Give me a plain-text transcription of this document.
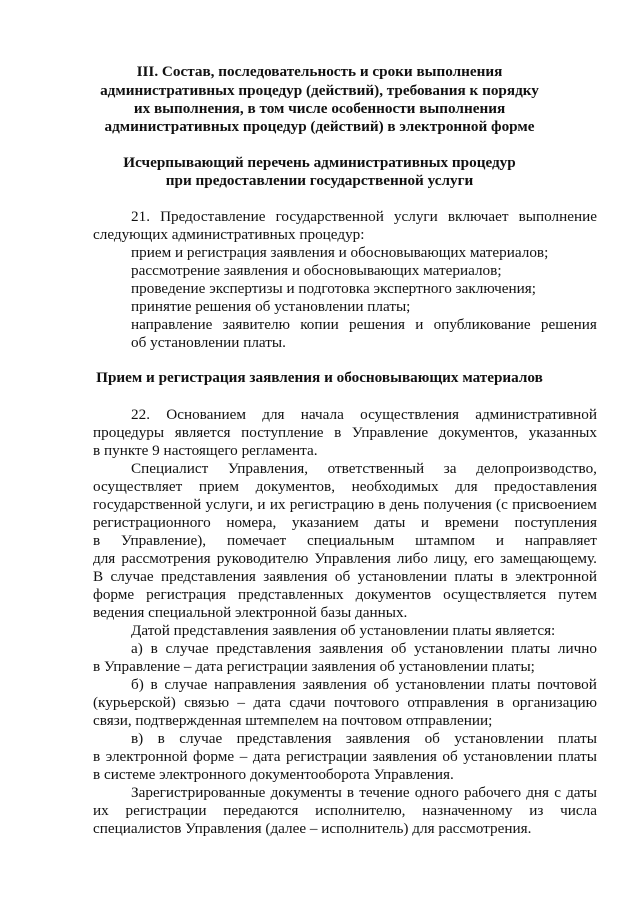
III. Состав, последовательность и сроки выполнения
административных процедур (действий), требования к порядку
их выполнения, в том числе особенности выполнения
административных процедур (действий) в электронной форме
Исчерпывающий перечень административных процедур
при предоставлении государственной услуги
21. Предоставление государственной услуги включает выполнение
следующих административных процедур:
прием и регистрация заявления и обосновывающих материалов;
рассмотрение заявления и обосновывающих материалов;
проведение экспертизы и подготовка экспертного заключения;
принятие решения об установлении платы;
направление заявителю копии решения и опубликование решения
об установлении платы.
Прием и регистрация заявления и обосновывающих материалов
22. Основанием для начала осуществления административной
процедуры является поступление в Управление документов, указанных
в пункте 9 настоящего регламента.
Специалист Управления, ответственный за делопроизводство,
осуществляет прием документов, необходимых для предоставления
государственной услуги, и их регистрацию в день получения (с присвоением
регистрационного номера, указанием даты и времени поступления
в Управление), помечает специальным штампом и направляет
для рассмотрения руководителю Управления либо лицу, его замещающему.
В случае представления заявления об установлении платы в электронной
форме регистрация представленных документов осуществляется путем
ведения специальной электронной базы данных.
Датой представления заявления об установлении платы является:
а) в случае представления заявления об установлении платы лично
в Управление – дата регистрации заявления об установлении платы;
б) в случае направления заявления об установлении платы почтовой
(курьерской) связью – дата сдачи почтового отправления в организацию
связи, подтвержденная штемпелем на почтовом отправлении;
в) в случае представления заявления об установлении платы
в электронной форме – дата регистрации заявления об установлении платы
в системе электронного документооборота Управления.
Зарегистрированные документы в течение одного рабочего дня с даты
их регистрации передаются исполнителю, назначенному из числа
специалистов Управления (далее – исполнитель) для рассмотрения.
